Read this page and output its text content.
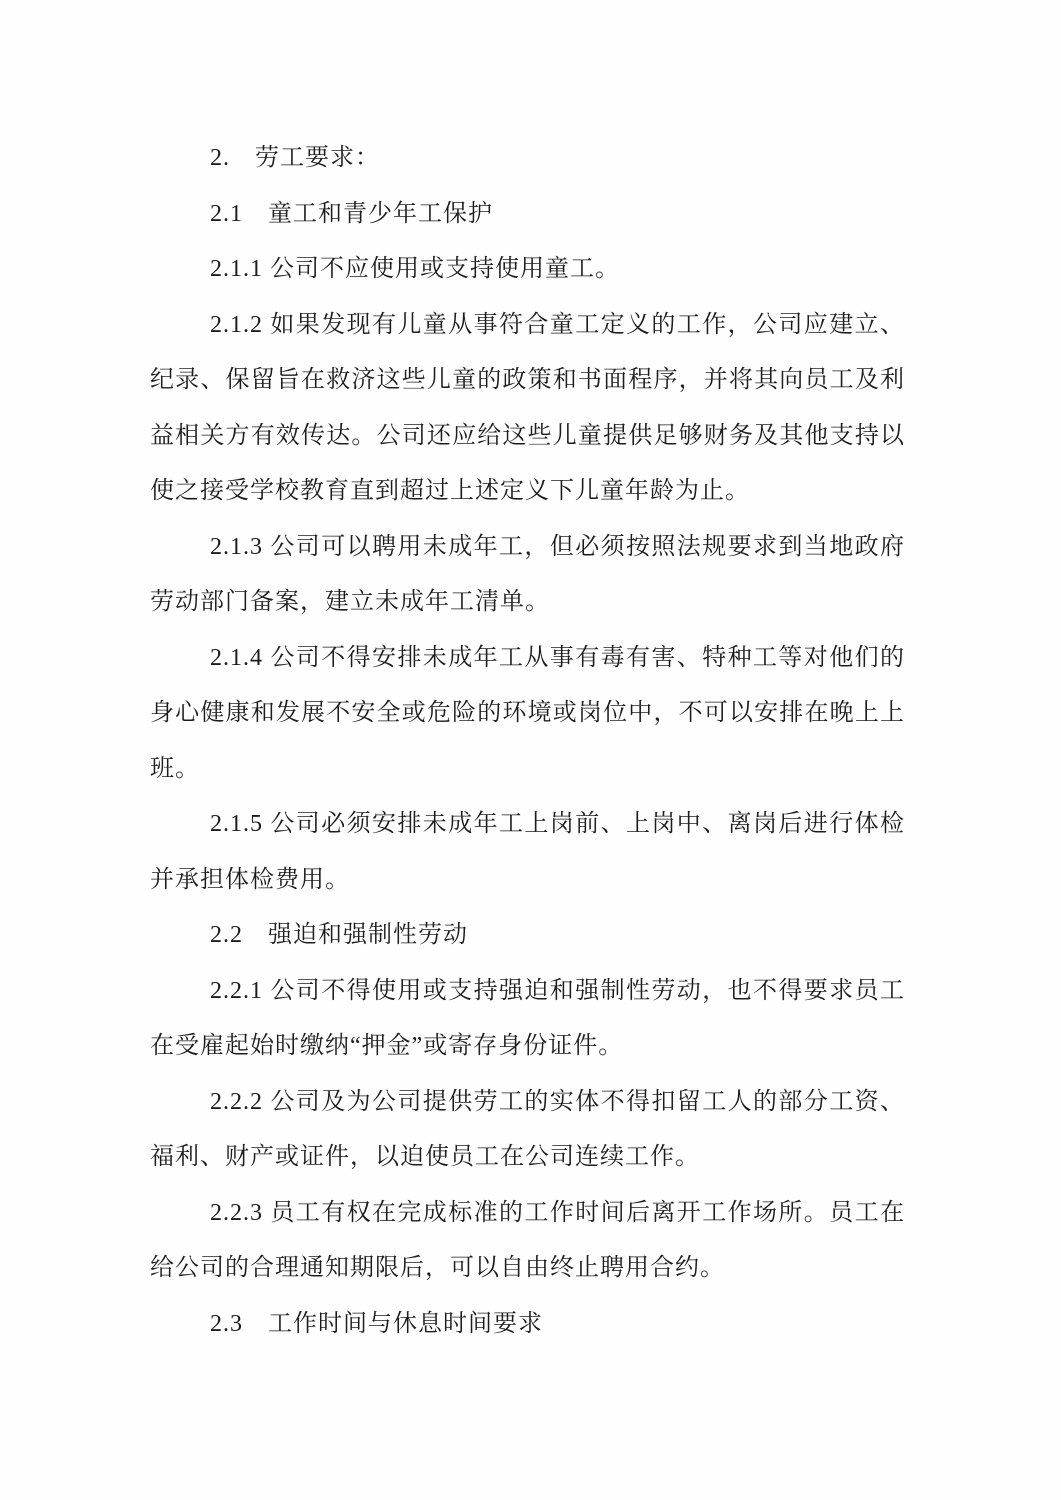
2.　劳工要求：
2.1　童工和青少年工保护
2.1.1 公司不应使用或支持使用童工。
2.1.2 如果发现有儿童从事符合童工定义的工作，公司应建立、
纪录、保留旨在救济这些儿童的政策和书面程序，并将其向员工及利
益相关方有效传达。公司还应给这些儿童提供足够财务及其他支持以
使之接受学校教育直到超过上述定义下儿童年龄为止。
2.1.3 公司可以聘用未成年工，但必须按照法规要求到当地政府
劳动部门备案，建立未成年工清单。
2.1.4 公司不得安排未成年工从事有毒有害、特种工等对他们的
身心健康和发展不安全或危险的环境或岗位中，不可以安排在晚上上
班。
2.1.5 公司必须安排未成年工上岗前、上岗中、离岗后进行体检
并承担体检费用。
2.2　强迫和强制性劳动
2.2.1 公司不得使用或支持强迫和强制性劳动，也不得要求员工
在受雇起始时缴纳“押金”或寄存身份证件。
2.2.2 公司及为公司提供劳工的实体不得扣留工人的部分工资、
福利、财产或证件，以迫使员工在公司连续工作。
2.2.3 员工有权在完成标准的工作时间后离开工作场所。员工在
给公司的合理通知期限后，可以自由终止聘用合约。
2.3　工作时间与休息时间要求
